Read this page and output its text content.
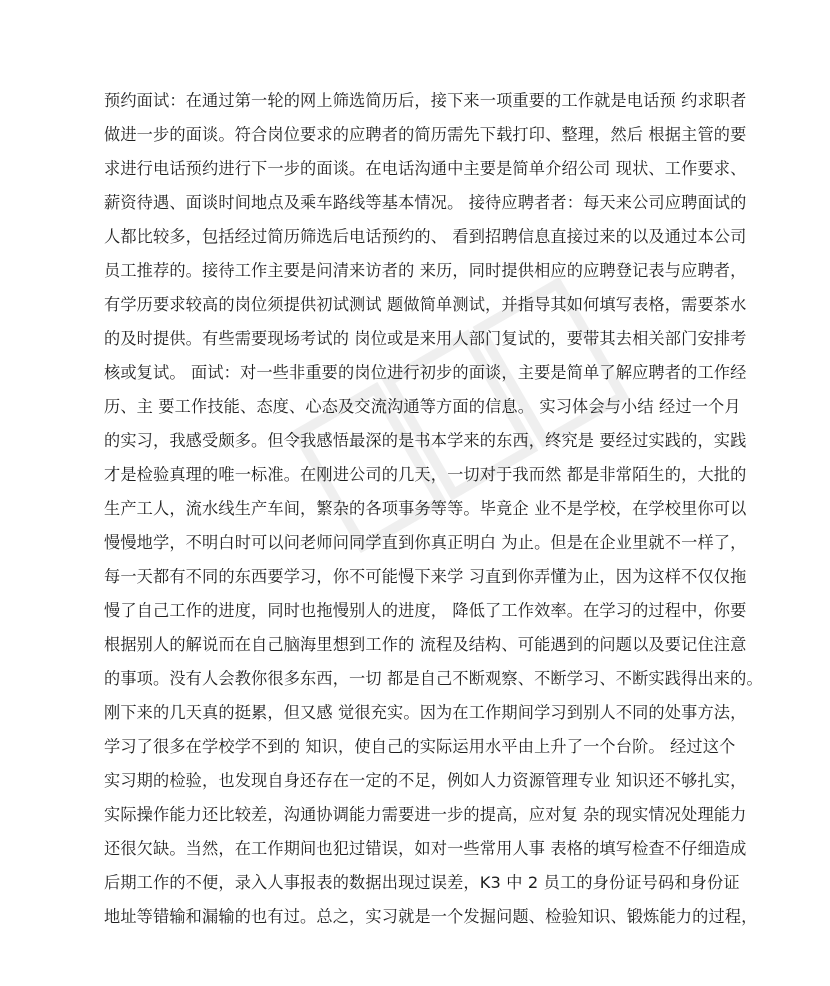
预约面试：在通过第一轮的网上筛选简历后，接下来一项重要的工作就是电话预 约求职者
做进一步的面谈。符合岗位要求的应聘者的简历需先下载打印、整理，然后 根据主管的要
求进行电话预约进行下一步的面谈。在电话沟通中主要是简单介绍公司 现状、工作要求、
薪资待遇、面谈时间地点及乘车路线等基本情况。 接待应聘者者：每天来公司应聘面试的
人都比较多，包括经过简历筛选后电话预约的、 看到招聘信息直接过来的以及通过本公司
员工推荐的。接待工作主要是问清来访者的 来历，同时提供相应的应聘登记表与应聘者，
有学历要求较高的岗位须提供初试测试 题做简单测试，并指导其如何填写表格，需要茶水
的及时提供。有些需要现场考试的 岗位或是来用人部门复试的，要带其去相关部门安排考
核或复试。 面试：对一些非重要的岗位进行初步的面谈，主要是简单了解应聘者的工作经
历、主 要工作技能、态度、心态及交流沟通等方面的信息。 实习体会与小结 经过一个月
的实习，我感受颇多。但令我感悟最深的是书本学来的东西，终究是 要经过实践的，实践
才是检验真理的唯一标准。在刚进公司的几天，一切对于我而然 都是非常陌生的，大批的
生产工人，流水线生产车间，繁杂的各项事务等等。毕竟企 业不是学校，在学校里你可以
慢慢地学，不明白时可以问老师问同学直到你真正明白 为止。但是在企业里就不一样了，
每一天都有不同的东西要学习，你不可能慢下来学 习直到你弄懂为止，因为这样不仅仅拖
慢了自己工作的进度，同时也拖慢别人的进度， 降低了工作效率。在学习的过程中，你要
根据别人的解说而在自己脑海里想到工作的 流程及结构、可能遇到的问题以及要记住注意
的事项。没有人会教你很多东西，一切 都是自己不断观察、不断学习、不断实践得出来的。
刚下来的几天真的挺累，但又感 觉很充实。因为在工作期间学习到别人不同的处事方法，
学习了很多在学校学不到的 知识，使自己的实际运用水平由上升了一个台阶。 经过这个
实习期的检验，也发现自身还存在一定的不足，例如人力资源管理专业 知识还不够扎实，
实际操作能力还比较差，沟通协调能力需要进一步的提高，应对复 杂的现实情况处理能力
还很欠缺。当然，在工作期间也犯过错误，如对一些常用人事 表格的填写检查不仔细造成
后期工作的不便，录入人事报表的数据出现过误差，K3 中 2 员工的身份证号码和身份证
地址等错输和漏输的也有过。总之，实习就是一个发掘问题、检验知识、锻炼能力的过程，
